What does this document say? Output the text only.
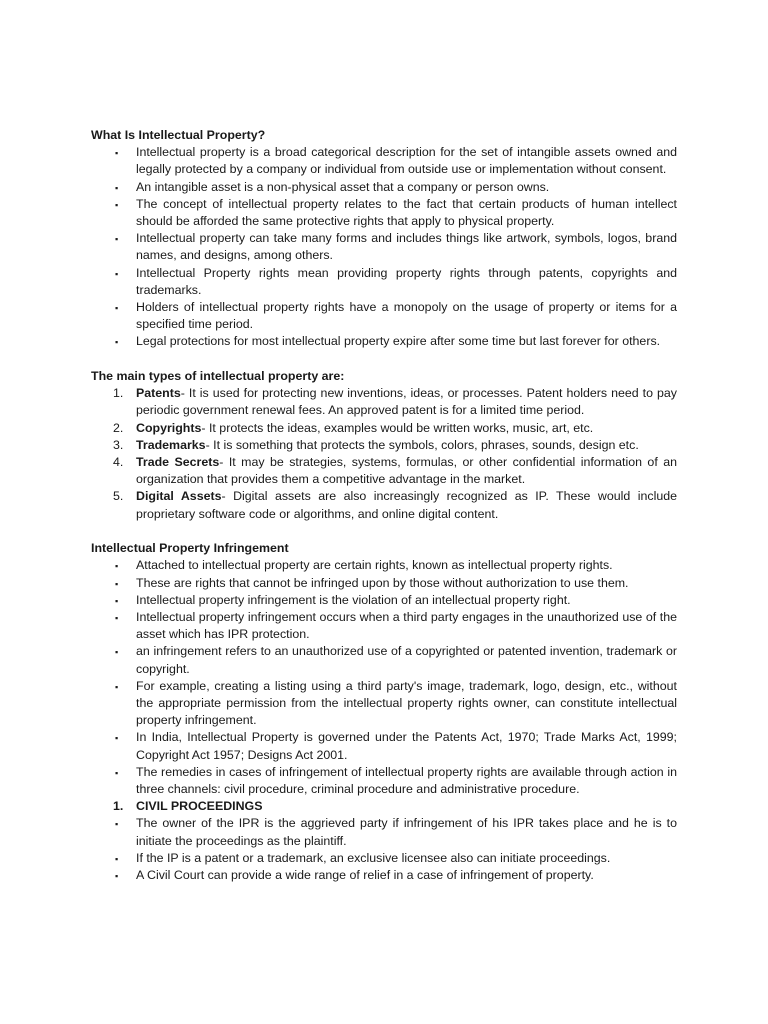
What Is Intellectual Property?

▪	Intellectual property is a broad categorical description for the set of intangible assets owned and legally protected by a company or individual from outside use or implementation without consent.
▪	An intangible asset is a non-physical asset that a company or person owns.
▪	The concept of intellectual property relates to the fact that certain products of human intellect should be afforded the same protective rights that apply to physical property.
▪	Intellectual property can take many forms and includes things like artwork, symbols, logos, brand names, and designs, among others.
▪	Intellectual Property rights mean providing property rights through patents, copyrights and trademarks.
▪	Holders of intellectual property rights have a monopoly on the usage of property or items for a specified time period.
▪	Legal protections for most intellectual property expire after some time but last forever for others.

The main types of intellectual property are:

1. Patents- It is used for protecting new inventions, ideas, or processes. Patent holders need to pay periodic government renewal fees. An approved patent is for a limited time period.
2. Copyrights- It protects the ideas, examples would be written works, music, art, etc.
3. Trademarks- It is something that protects the symbols, colors, phrases, sounds, design etc.
4. Trade Secrets- It may be strategies, systems, formulas, or other confidential information of an organization that provides them a competitive advantage in the market.
5. Digital Assets- Digital assets are also increasingly recognized as IP. These would include proprietary software code or algorithms, and online digital content.

Intellectual Property Infringement

▪	Attached to intellectual property are certain rights, known as intellectual property rights.
▪	These are rights that cannot be infringed upon by those without authorization to use them.
▪	Intellectual property infringement is the violation of an intellectual property right.
▪	Intellectual property infringement occurs when a third party engages in the unauthorized use of the asset which has IPR protection.
▪	an infringement refers to an unauthorized use of a copyrighted or patented invention, trademark or copyright.
▪	For example, creating a listing using a third party's image, trademark, logo, design, etc., without the appropriate permission from the intellectual property rights owner, can constitute intellectual property infringement.
▪	In India, Intellectual Property is governed under the Patents Act, 1970; Trade Marks Act, 1999; Copyright Act 1957; Designs Act 2001.
▪	The remedies in cases of infringement of intellectual property rights are available through action in three channels: civil procedure, criminal procedure and administrative procedure.
1. CIVIL PROCEEDINGS
▪	The owner of the IPR is the aggrieved party if infringement of his IPR takes place and he is to initiate the proceedings as the plaintiff.
▪	If the IP is a patent or a trademark, an exclusive licensee also can initiate proceedings.
▪	A Civil Court can provide a wide range of relief in a case of infringement of property.
